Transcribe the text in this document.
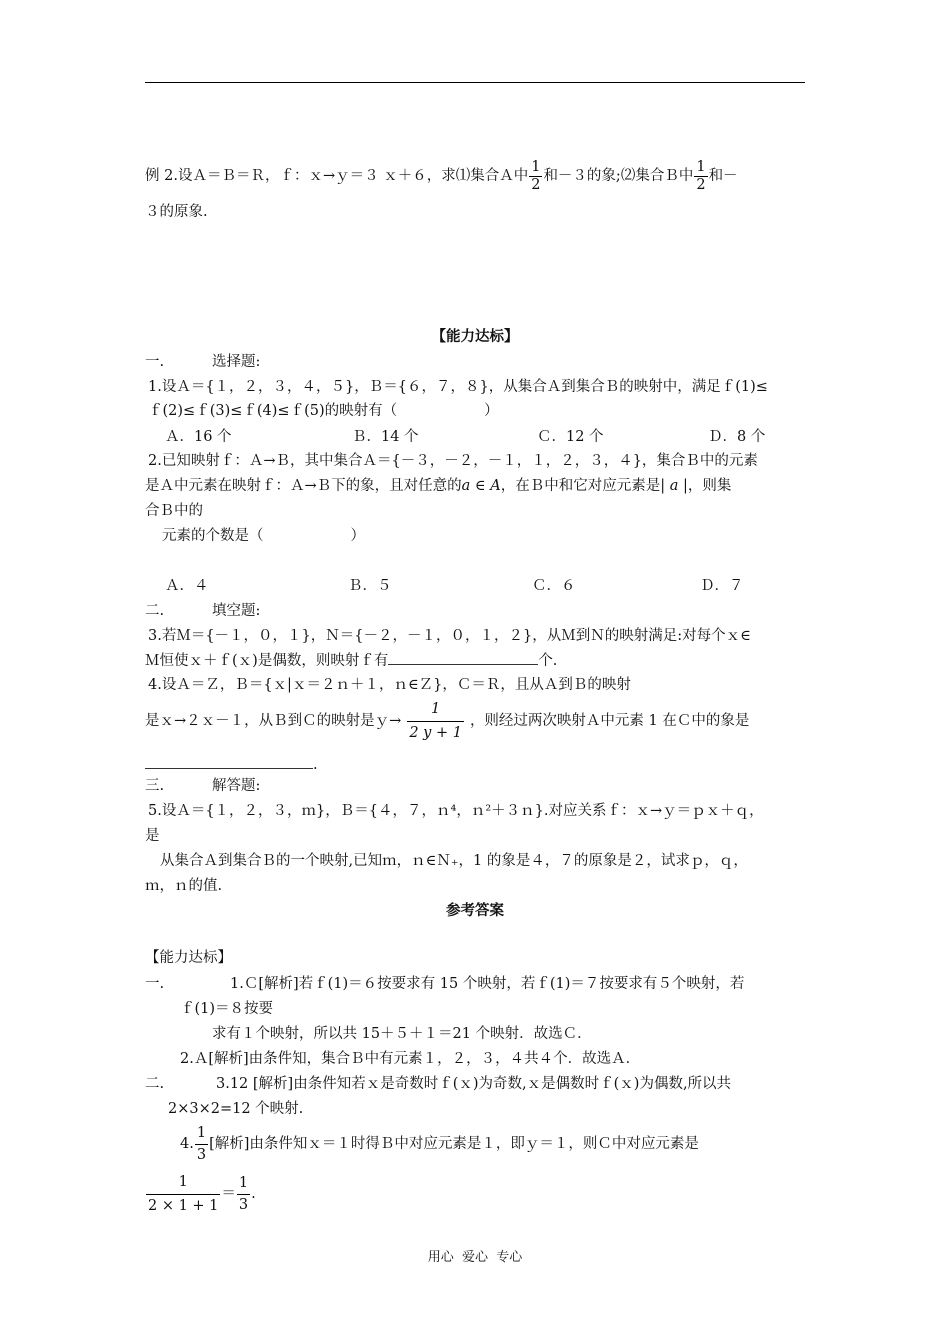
例 2.设Ａ＝Ｂ＝Ｒ，ｆ：ｘ→ｙ＝３ ｘ＋６，求⑴集合Ａ中 $\frac{1}{2}$ 和－３的象;⑵集合Ｂ中 $\frac{1}{2}$ 和－
３的原象.
【能力达标】
一.	选择题:
1.设Ａ＝{１，２，３，４，５}，Ｂ＝{６，７，８}，从集合Ａ到集合Ｂ的映射中，满足ｆ(1)≤
ｆ(2)≤ｆ(3)≤ｆ(4)≤ｆ(5)的映射有（　　　　　　）
Ａ．16 个	Ｂ．14 个	Ｃ．12 个	Ｄ．8 个
2.已知映射ｆ：Ａ→Ｂ，其中集合Ａ＝{－３，－２，－１，１，２，３，４}，集合Ｂ中的元素
是Ａ中元素在映射ｆ：Ａ→Ｂ下的象，且对任意的a ∈ A，在Ｂ中和它对应元素是| a |，则集
合Ｂ中的
元素的个数是（　　　　　　）
Ａ．４	Ｂ．５	Ｃ．６	Ｄ．７
二.	填空题:
3.若Ｍ＝{－１，０，１}，Ｎ＝{－２，－１，０，１，２}，从Ｍ到Ｎ的映射满足:对每个ｘ∈
Ｍ恒使ｘ＋ｆ(ｘ)是偶数，则映射ｆ有	个.
4.设Ａ＝Ｚ，Ｂ＝{ｘ|ｘ＝２ｎ＋１，ｎ∈Ｚ}，Ｃ＝Ｒ，且从Ａ到Ｂ的映射
是ｘ→２ｘ－１，从Ｂ到Ｃ的映射是ｙ→ $\frac{1}{2 y + 1}$ ，则经过两次映射Ａ中元素 1 在Ｃ中的象是
.
三.	解答题:
5.设Ａ＝{１，２，３，ｍ}，Ｂ＝{４，７，ｎ⁴，ｎ²＋３ｎ}.对应关系ｆ：ｘ→ｙ＝ｐｘ＋ｑ，
是
从集合Ａ到集合Ｂ的一个映射,已知ｍ，ｎ∈Ｎ₊，1 的象是４，７的原象是２，试求ｐ，ｑ，
ｍ，ｎ的值.
参考答案
【能力达标】
一.	1.Ｃ[解析]若ｆ(1)＝６按要求有 15 个映射，若ｆ(1)＝７按要求有５个映射，若
ｆ(1)＝８按要
求有１个映射，所以共 15＋５＋１＝21 个映射．故选Ｃ．
2.Ａ[解析]由条件知，集合Ｂ中有元素１，２，３，４共４个．故选Ａ．
二.	3.12 [解析]由条件知若ｘ是奇数时ｆ(ｘ)为奇数,ｘ是偶数时ｆ(ｘ)为偶数,所以共
2×3×2=12 个映射.
4. $\frac{1}{3}$ [解析]由条件知ｘ＝１时得Ｂ中对应元素是１，即ｙ＝１，则Ｃ中对应元素是
$\frac{1}{2 \times 1 + 1} = \frac{1}{3}$ .
用心  爱心  专心
